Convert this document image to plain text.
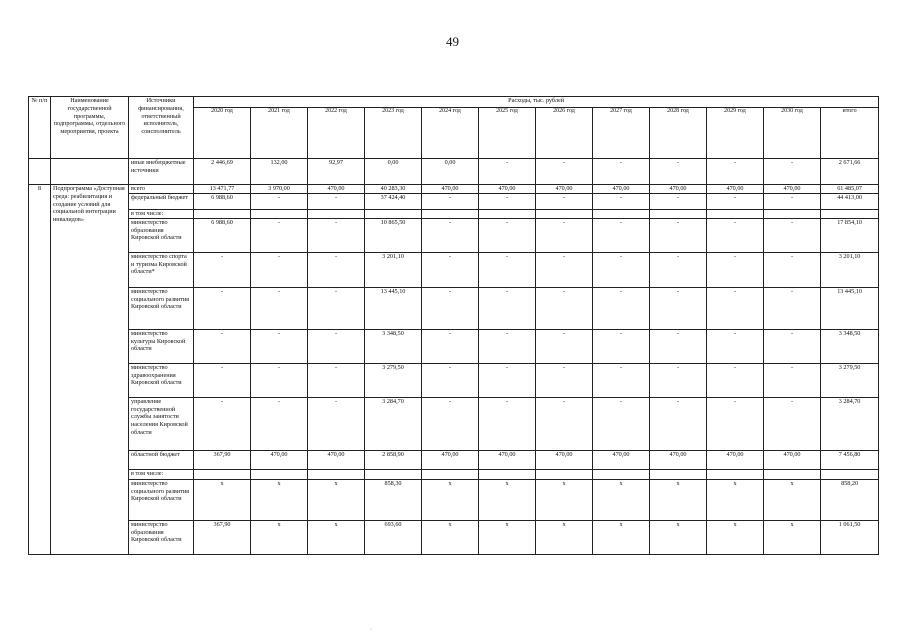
49
№ п/п	Наименование государственной программы, подпрограммы, отдельного мероприятия, проекта	Источники финансирования, ответственный исполнитель, соисполнитель	Расходы, тыс. рублей											
			2020 год	2021 год	2022 год	2023 год	2024 год	2025 год	2026 год	2027 год	2028 год	2029 год	2030 год	итого
		иные внебюджетные источники	2 446,69	132,00	92,97	0,00	0,00	-	-	-	-	-	-	2 671,66
8	Подпрограмма «Доступная среда: реабилитация и создание условий для социальной интеграции инвалидов»	всего	13 471,77	3 970,00	470,00	40 283,30	470,00	470,00	470,00	470,00	470,00	470,00	470,00	61 485,07
		федеральный бюджет	6 988,60	-	-	37 424,40	-	-	-	-	-	-	-	44 413,00
		в том числе:												
		министерство образования Кировской области	6 988,60	-	-	10 865,50	-	-	-	-	-	-	-	17 854,10
		министерство спорта и туризма Кировской области*	-	-	-	3 201,10	-	-	-	-	-	-	-	3 201,10
		министерство социального развития Кировской области	-	-	-	13 445,10	-	-	-	-	-	-	-	13 445,10
		министерство культуры Кировской области	-	-	-	3 348,50	-	-	-	-	-	-	-	3 348,50
		министерство здравоохранения Кировской области	-	-	-	3 279,50	-	-	-	-	-	-	-	3 279,50
		управление государственной службы занятости населения Кировской области	-	-	-	3 284,70	-	-	-	-	-	-	-	3 284,70
		областной бюджет	367,90	470,00	470,00	2 858,90	470,00	470,00	470,00	470,00	470,00	470,00	470,00	7 456,80
		в том числе:												
		министерство социального развития Кировской области	х	х	х	858,30	х	х	х	х	х	х	х	858,20
		министерство образования Кировской области	367,90	х	х	693,60	х	х	х	х	х	х	х	1 061,50
·
